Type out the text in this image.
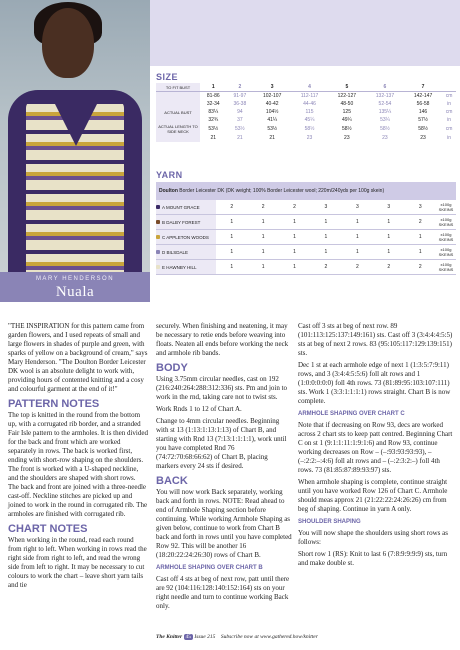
MARY HENDERSON
Nuala
SIZE
TO FIT BUST	1	2	3	4	5	6	7	
	81-86	91-97	102-107	112-117	122-127	132-137	142-147	cm
	32-34	36-38	40-42	44-46	48-50	52-54	56-58	in
ACTUAL BUST	83¼	94	104½	115	125	135¼	146	cm
	32¾	37	41¼	45¼	49¼	53¼	57½	in
ACTUAL LENGTH TO SIDE NECK	53½	53½	53½	58½	58½	58½	58½	cm
	21	21	21	23	23	23	23	in
YARN
Doulton Border Leicester DK (DK weight; 100% Border Leicester wool; 220m/240yds per 100g skein)								
A MOUNT GRACE	2	2	2	3	3	3	3	x100g SKEINS
B DALBY FOREST	1	1	1	1	1	1	2	x100g SKEINS
C APPLETON WOODS	1	1	1	1	1	1	1	x100g SKEINS
D BILSDALE	1	1	1	1	1	1	1	x100g SKEINS
E HAWNBY HILL	1	1	1	2	2	2	2	x100g SKEINS

"THE INSPIRATION for this pattern came from garden flowers, and I used repeats of small and large flowers in shades of purple and green, with sparks of yellow on a background of cream," says Mary Henderson. "The Doulton Border Leicester DK wool is an absolute delight to work with, providing hours of contented knitting and a cosy and colourful garment at the end of it!"

PATTERN NOTES

The top is knitted in the round from the bottom up, with a corrugated rib border, and a stranded Fair Isle pattern to the armholes. It is then divided for the back and front which are worked separately in rows. The back is worked first, ending with short-row shaping on the shoulders. The front is worked with a U-shaped neckline, and the shoulders are shaped with short rows. The back and front are joined with a three-needle cast-off. Neckline stitches are picked up and joined to work in the round in corrugated rib. The armholes are finished with corrugated rib.

CHART NOTES

When working in the round, read each round from right to left. When working in rows read the right side from right to left, and read the wrong side from left to right. It may be necessary to cut colours to work the chart – leave short yarn tails and tie

securely. When finishing and neatening, it may be necessary to retie ends before weaving into floats. Neaten all ends before working the neck and armhole rib bands.

BODY

Using 3.75mm circular needles, cast on 192 (216:240:264:288:312:336) sts. Pm and join to work in the rnd, taking care not to twist sts.

Work Rnds 1 to 12 of Chart A.

Change to 4mm circular needles. Beginning with st 13 (1:13:1:13:1:13) of Chart B, and starting with Rnd 13 (7:13:1:1:1:1), work until you have completed Rnd 76 (74:72:70:68:66:62) of Chart B, placing markers every 24 sts if desired.

BACK

You will now work Back separately, working back and forth in rows. NOTE: Read ahead to end of Armhole Shaping section before continuing. While working Armhole Shaping as given below, continue to work from Chart B back and forth in rows until you have completed Row 92. This will be another 16 (18:20:22:24:26:30) rows of Chart B.

ARMHOLE SHAPING OVER CHART B

Cast off 4 sts at beg of next row, patt until there are 92 (104:116:128:140:152:164) sts on your right needle and turn to continue working Back only.

Cast off 3 sts at beg of next row. 89 (101:113:125:137:149:161) sts. Cast off 3 (3:4:4:4:5:5) sts at beg of next 2 rows. 83 (95:105:117:129:139:151) sts.

Dec 1 st at each armhole edge of next 1 (1:3:5:7:9:11) rows, and 3 (3:4:4:5:5:6) foll alt rows and 1 (1:0:0:0:0:0) foll 4th rows. 73 (81:89:95:103:107:111) sts. Work 1 (3:3:1:1:1:1) rows straight. Chart B is now complete.

ARMHOLE SHAPING OVER CHART C

Note that if decreasing on Row 93, decs are worked across 2 chart sts to keep patt centred. Beginning Chart C on st 1 (9:1:1:11:1:9:1:6) and Row 93, continue working decreases on Row – (–:93:93:93:93), – (–:2:2:–:4:6) foll alt rows and – (–:2:3:2:–) foll 4th rows. 73 (81:85:87:89:93:97) sts.

When armhole shaping is complete, continue straight until you have worked Row 126 of Chart C. Armhole should meas approx 21 (21:22:22:24:26:26) cm from beg of shaping. Continue in yarn A only.

SHOULDER SHAPING

You will now shape the shoulders using short rows as follows:

Short row 1 (RS): Knit to last 6 (7:8:9:9:9:9) sts, turn and make double st.

The Knitter 45 Issue 215 Subscribe now at www.gathered.how/knitter
